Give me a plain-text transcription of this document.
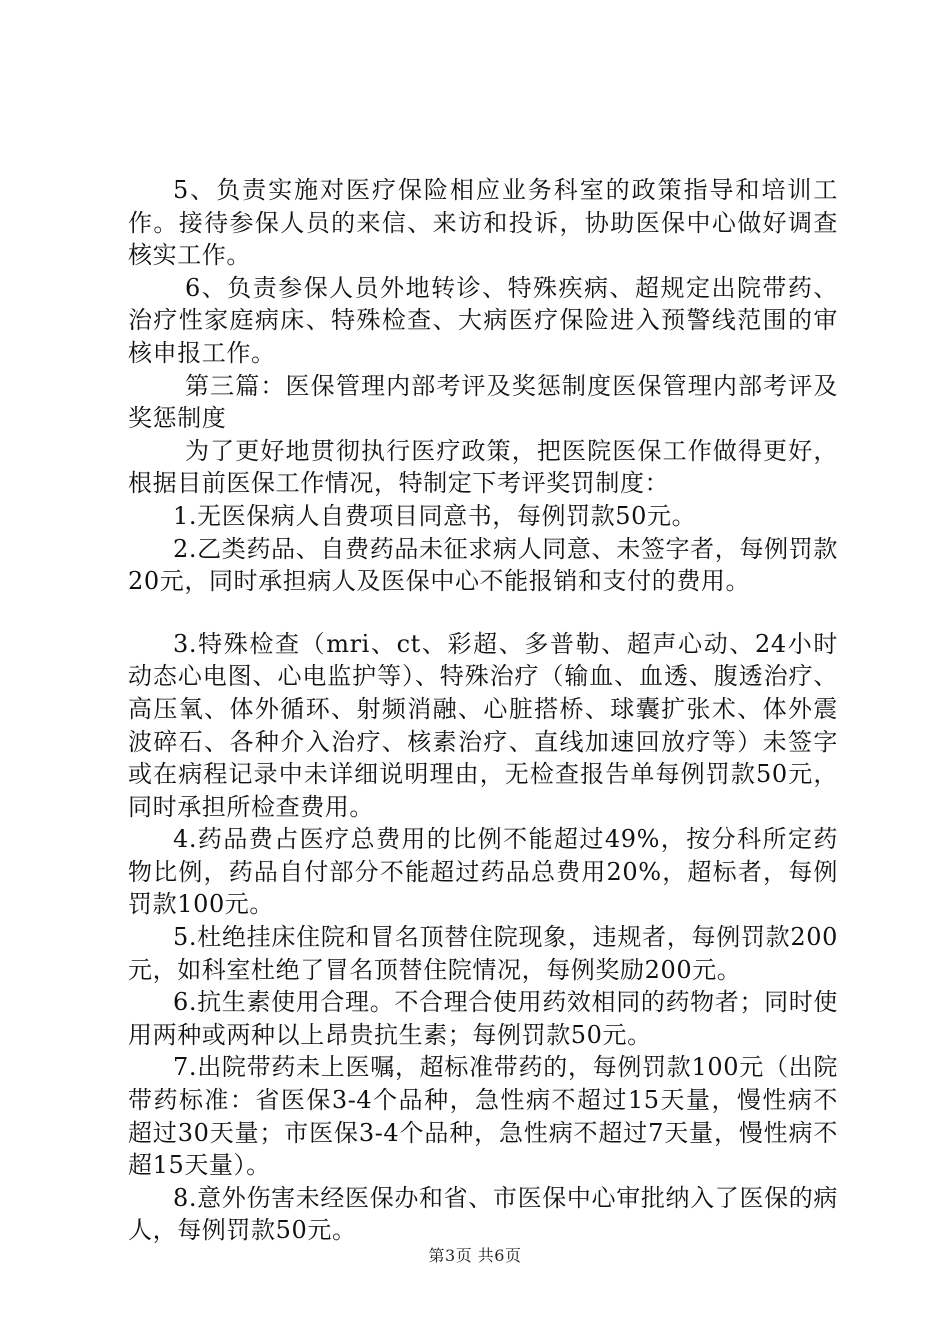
5、负责实施对医疗保险相应业务科室的政策指导和培训工作。接待参保人员的来信、来访和投诉，协助医保中心做好调查核实工作。

6、负责参保人员外地转诊、特殊疾病、超规定出院带药、治疗性家庭病床、特殊检查、大病医疗保险进入预警线范围的审核申报工作。

第三篇：医保管理内部考评及奖惩制度医保管理内部考评及奖惩制度

为了更好地贯彻执行医疗政策，把医院医保工作做得更好，根据目前医保工作情况，特制定下考评奖罚制度：

1.无医保病人自费项目同意书，每例罚款50元。

2.乙类药品、自费药品未征求病人同意、未签字者，每例罚款20元，同时承担病人及医保中心不能报销和支付的费用。

3.特殊检查（mri、ct、彩超、多普勒、超声心动、24小时动态心电图、心电监护等）、特殊治疗（输血、血透、腹透治疗、高压氧、体外循环、射频消融、心脏搭桥、球囊扩张术、体外震波碎石、各种介入治疗、核素治疗、直线加速回放疗等）未签字或在病程记录中未详细说明理由，无检查报告单每例罚款50元，同时承担所检查费用。

4.药品费占医疗总费用的比例不能超过49%，按分科所定药物比例，药品自付部分不能超过药品总费用20%，超标者，每例罚款100元。

5.杜绝挂床住院和冒名顶替住院现象，违规者，每例罚款200元，如科室杜绝了冒名顶替住院情况，每例奖励200元。

6.抗生素使用合理。不合理合使用药效相同的药物者；同时使用两种或两种以上昂贵抗生素；每例罚款50元。

7.出院带药未上医嘱，超标准带药的，每例罚款100元（出院带药标准：省医保3-4个品种，急性病不超过15天量，慢性病不超过30天量；市医保3-4个品种，急性病不超过7天量，慢性病不超15天量）。

8.意外伤害未经医保办和省、市医保中心审批纳入了医保的病人，每例罚款50元。

第3页 共6页
